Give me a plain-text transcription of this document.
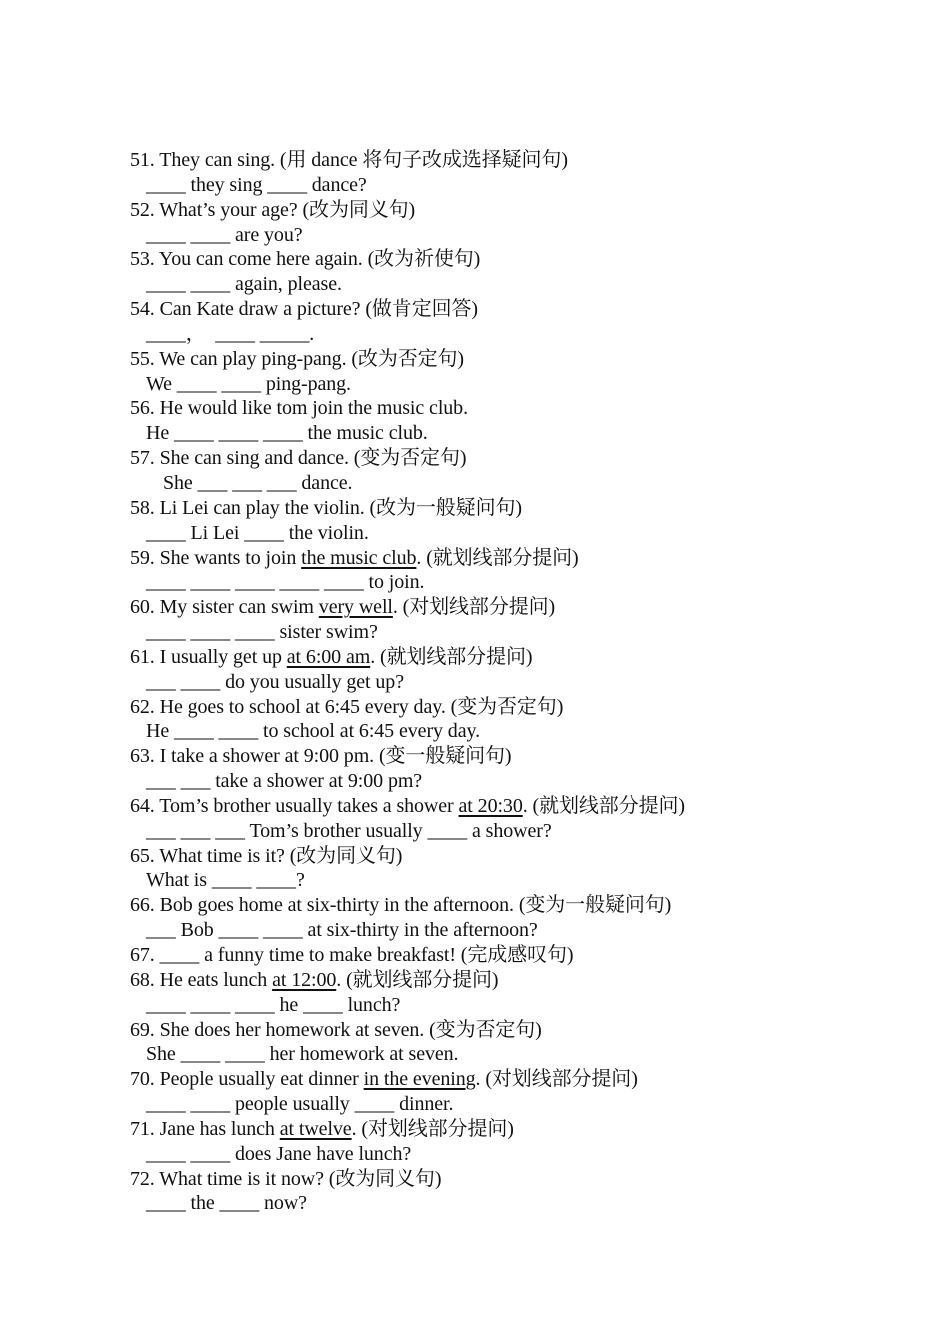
51. They can sing. (用 dance 将句子改成选择疑问句)
____ they sing ____ dance?
52. What’s your age? (改为同义句)
____ ____ are you?
53. You can come here again. (改为祈使句)
____ ____ again, please.
54. Can Kate draw a picture? (做肯定回答)
____，  ____ _____.
55. We can play ping-pang. (改为否定句)
We ____ ____ ping-pang.
56. He would like tom join the music club.
He ____ ____ ____ the music club.
57. She can sing and dance. (变为否定句)
She ___ ___ ___ dance.
58. Li Lei can play the violin. (改为一般疑问句)
____ Li Lei ____ the violin.
59. She wants to join the music club. (就划线部分提问)
____ ____ ____ ____ ____ to join.
60. My sister can swim very well. (对划线部分提问)
____ ____ ____ sister swim?
61. I usually get up at 6:00 am. (就划线部分提问)
___ ____ do you usually get up?
62. He goes to school at 6:45 every day. (变为否定句)
He ____ ____ to school at 6:45 every day.
63. I take a shower at 9:00 pm. (变一般疑问句)
___ ___ take a shower at 9:00 pm?
64. Tom’s brother usually takes a shower at 20:30. (就划线部分提问)
___ ___ ___ Tom’s brother usually ____ a shower?
65. What time is it? (改为同义句)
What is ____ ____?
66. Bob goes home at six-thirty in the afternoon. (变为一般疑问句)
___ Bob ____ ____ at six-thirty in the afternoon?
67. ____ a funny time to make breakfast! (完成感叹句)
68. He eats lunch at 12:00. (就划线部分提问)
____ ____ ____ he ____ lunch?
69. She does her homework at seven. (变为否定句)
She ____ ____ her homework at seven.
70. People usually eat dinner in the evening. (对划线部分提问)
____ ____ people usually ____ dinner.
71. Jane has lunch at twelve. (对划线部分提问)
____ ____ does Jane have lunch?
72. What time is it now? (改为同义句)
____ the ____ now?
